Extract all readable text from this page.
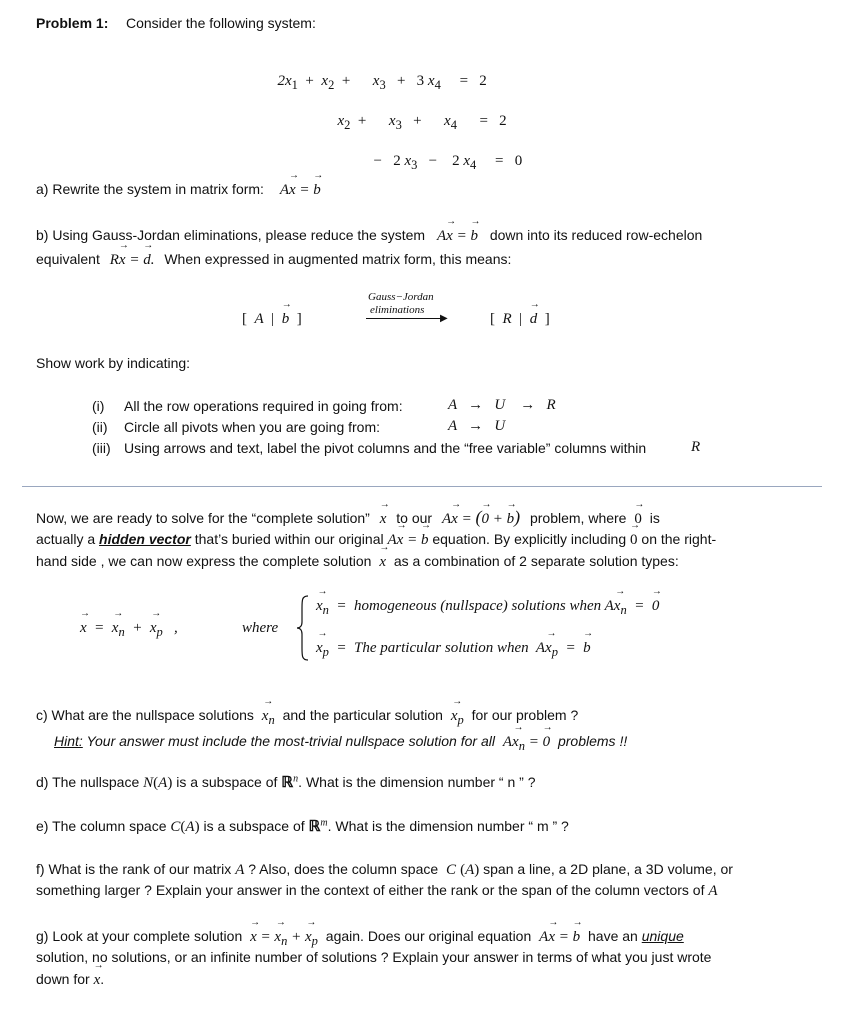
Problem 1: Consider the following system:

$2x_1 + x_2$  +      $x_3 + 3$ $x_4$     =   2

$x_2$  +      $x_3$   +      $x_4$      =   2

−   2 $x_3$   −    2 $x_4$     =   0

a) Rewrite the system in matrix form: Ax → = b →
b) Using Gauss-Jordan eliminations, please reduce the system Ax → = b → down into its reduced row-echelon
equivalent Rx → = d →. When expressed in augmented matrix form, this means:
[  A  |  b →  ]
Gauss−Jordan
eliminations
▶	[  R  |  d →  ]
Show work by indicating:
(i) All the row operations required in going from:	A   →   U    →   R
(ii) Circle all pivots when you are going from:	A   →   U
(iii) Using arrows and text, label the pivot columns and the “free variable” columns within	R
Now, we are ready to solve for the “complete solution” x → to our Ax → = (0 → + b →) problem, where 0 → is
actually a hidden vector that’s buried within our original Ax → = b → equation. By explicitly including 0 → on the right-
hand side , we can now express the complete solution x → as a combination of 2 separate solution types:
x → = $x_n$ → + $x_p$ → ,	where
$x_n$ → = homogeneous (nullspace) solutions when $Ax_n$ → = 0 →
$x_p$ → = The particular solution when  $Ax_p$ → = b →
c) What are the nullspace solutions $x_n$ → and the particular solution $x_p$ → for our problem ?
Hint: Your answer must include the most-trivial nullspace solution for all $Ax_n$ → = 0 → problems !!
d) The nullspace N(A) is a subspace of ℝ$^n$. What is the dimension number “ n ” ?
e) The column space C(A) is a subspace of ℝ$^m$. What is the dimension number “ m ” ?
f) What is the rank of our matrix A ? Also, does the column space C (A) span a line, a 2D plane, a 3D volume, or
something larger ? Explain your answer in the context of either the rank or the span of the column vectors of A
g) Look at your complete solution x → = $x_n$ → + $x_p$ → again. Does our original equation Ax → = b → have an unique
solution, no solutions, or an infinite number of solutions ? Explain your answer in terms of what you just wrote
down for x →.
